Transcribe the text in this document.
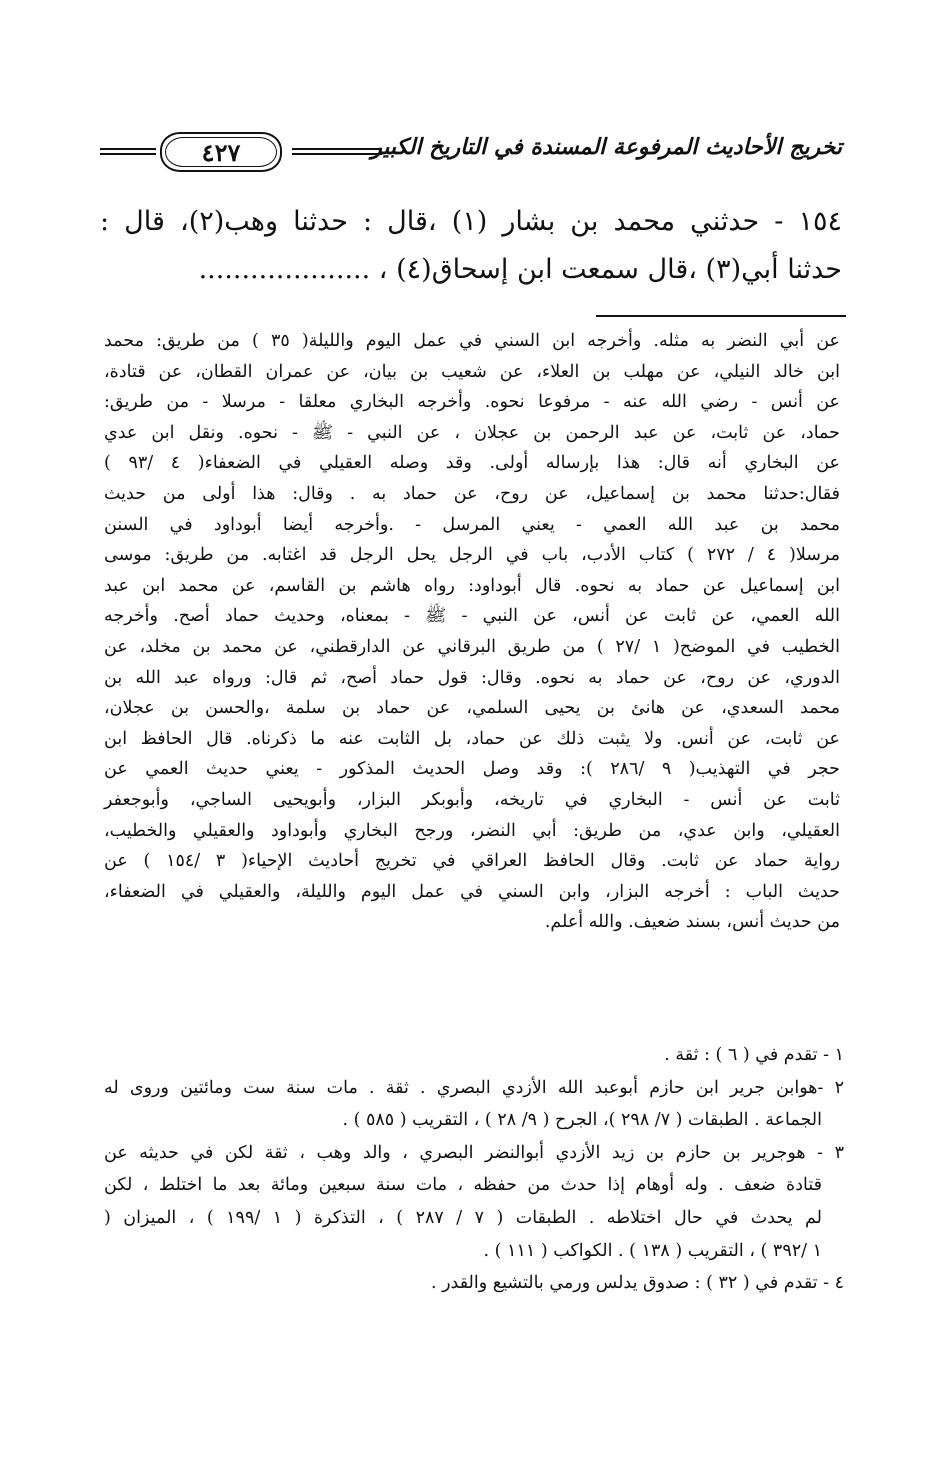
تخريج الأحاديث المرفوعة المسندة في التاريخ الكبير
٤٢٧

١٥٤ - حدثني محمد بن بشار (١) ،قال : حدثنا وهب(٢)، قال :

حدثنا أبي(٣) ،قال سمعت ابن إسحاق(٤) ، ....................

عن أبي النضر به مثله. وأخرجه ابن السني في عمل اليوم والليلة( ٣٥ ) من طريق: محمد

ابن خالد النيلي، عن مهلب بن العلاء، عن شعيب بن بيان، عن عمران القطان، عن قتادة،

عن أنس - رضي الله عنه - مرفوعا نحوه. وأخرجه البخاري معلقا - مرسلا - من طريق:

حماد، عن ثابت، عن عبد الرحمن بن عجلان ، عن النبي - ﷺ - نحوه. ونقل ابن عدي

عن البخاري أنه قال: هذا بإرساله أولى. وقد وصله العقيلي في الضعفاء( ٤ /٩٣ )

فقال:حدثنا محمد بن إسماعيل، عن روح، عن حماد به . وقال: هذا أولى من حديث

محمد بن عبد الله العمي - يعني المرسل - .وأخرجه أيضا أبوداود في السنن

مرسلا( ٤ / ٢٧٢ ) كتاب الأدب، باب في الرجل يحل الرجل قد اغتابه. من طريق: موسى

ابن إسماعيل عن حماد به نحوه. قال أبوداود: رواه هاشم بن القاسم، عن محمد ابن عبد

الله العمي، عن ثابت عن أنس، عن النبي - ﷺ - بمعناه، وحديث حماد أصح. وأخرجه

الخطيب في الموضح( ١ /٢٧ ) من طريق البرقاني عن الدارقطني، عن محمد بن مخلد، عن

الدوري، عن روح، عن حماد به نحوه. وقال: قول حماد أصح، ثم قال: ورواه عبد الله بن

محمد السعدي، عن هانئ بن يحيى السلمي، عن حماد بن سلمة ،والحسن بن عجلان،

عن ثابت، عن أنس. ولا يثبت ذلك عن حماد، بل الثابت عنه ما ذكرناه. قال الحافظ ابن

حجر في التهذيب( ٩ /٢٨٦ ): وقد وصل الحديث المذكور - يعني حديث العمي عن

ثابت عن أنس - البخاري في تاريخه، وأبوبكر البزار، وأبويحيى الساجي، وأبوجعفر

العقيلي، وابن عدي، من طريق: أبي النضر، ورجح البخاري وأبوداود والعقيلي والخطيب،

رواية حماد عن ثابت. وقال الحافظ العراقي في تخريج أحاديث الإحياء( ٣ /١٥٤ ) عن

حديث الباب : أخرجه البزار، وابن السني في عمل اليوم والليلة، والعقيلي في الضعفاء،

من حديث أنس، بسند ضعيف. والله أعلم.

١ - تقدم في ( ٦ ) : ثقة .

٢ -هوابن جرير ابن حازم أبوعبد الله الأزدي البصري . ثقة . مات سنة ست ومائتين وروى له

الجماعة . الطبقات ( ٧/ ٢٩٨ )، الجرح ( ٩/ ٢٨ ) ، التقريب ( ٥٨٥ ) .

٣ - هوجرير بن حازم بن زيد الأزدي أبوالنضر البصري ، والد وهب ، ثقة لكن في حديثه عن

قتادة ضعف . وله أوهام إذا حدث من حفظه ، مات سنة سبعين ومائة بعد ما اختلط ، لكن

لم يحدث في حال اختلاطه . الطبقات ( ٧ / ٢٨٧ ) ، التذكرة ( ١ /١٩٩ ) ، الميزان (

١ /٣٩٢ ) ، التقريب ( ١٣٨ ) . الكواكب ( ١١١ ) .

٤ - تقدم في ( ٣٢ ) : صدوق يدلس ورمي بالتشيع والقدر .
